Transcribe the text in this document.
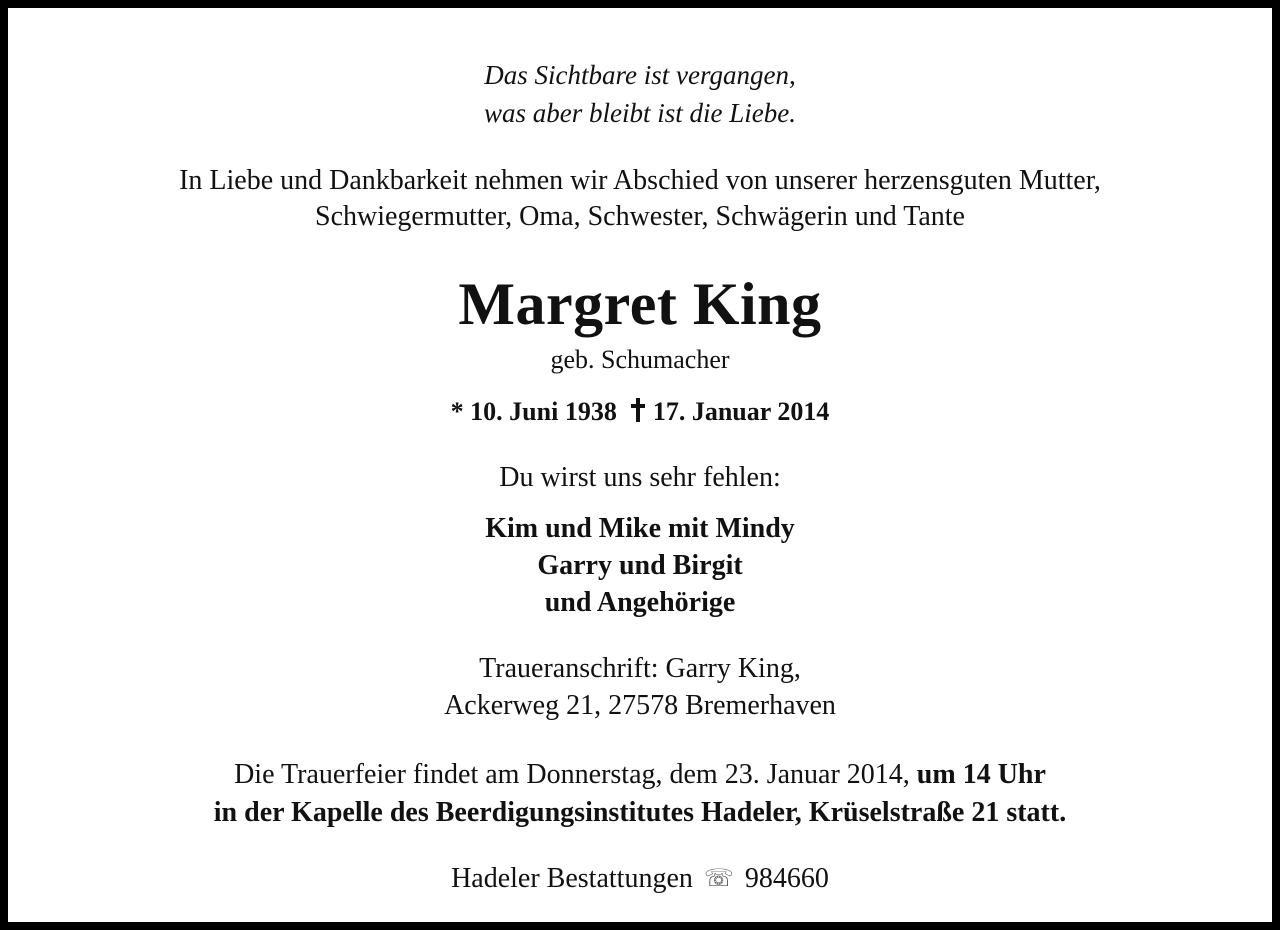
Das Sichtbare ist vergangen,
was aber bleibt ist die Liebe.
In Liebe und Dankbarkeit nehmen wir Abschied von unserer herzensguten Mutter,
Schwiegermutter, Oma, Schwester, Schwägerin und Tante
Margret King
geb. Schumacher
* 10. Juni 1938 17. Januar 2014
Du wirst uns sehr fehlen:
Kim und Mike mit Mindy
Garry und Birgit
und Angehörige
Traueranschrift: Garry King,
Ackerweg 21, 27578 Bremerhaven
Die Trauerfeier findet am Donnerstag, dem 23. Januar 2014, um 14 Uhr
in der Kapelle des Beerdigungsinstitutes Hadeler, Krüselstraße 21 statt.
Hadeler Bestattungen ☏ 984660
